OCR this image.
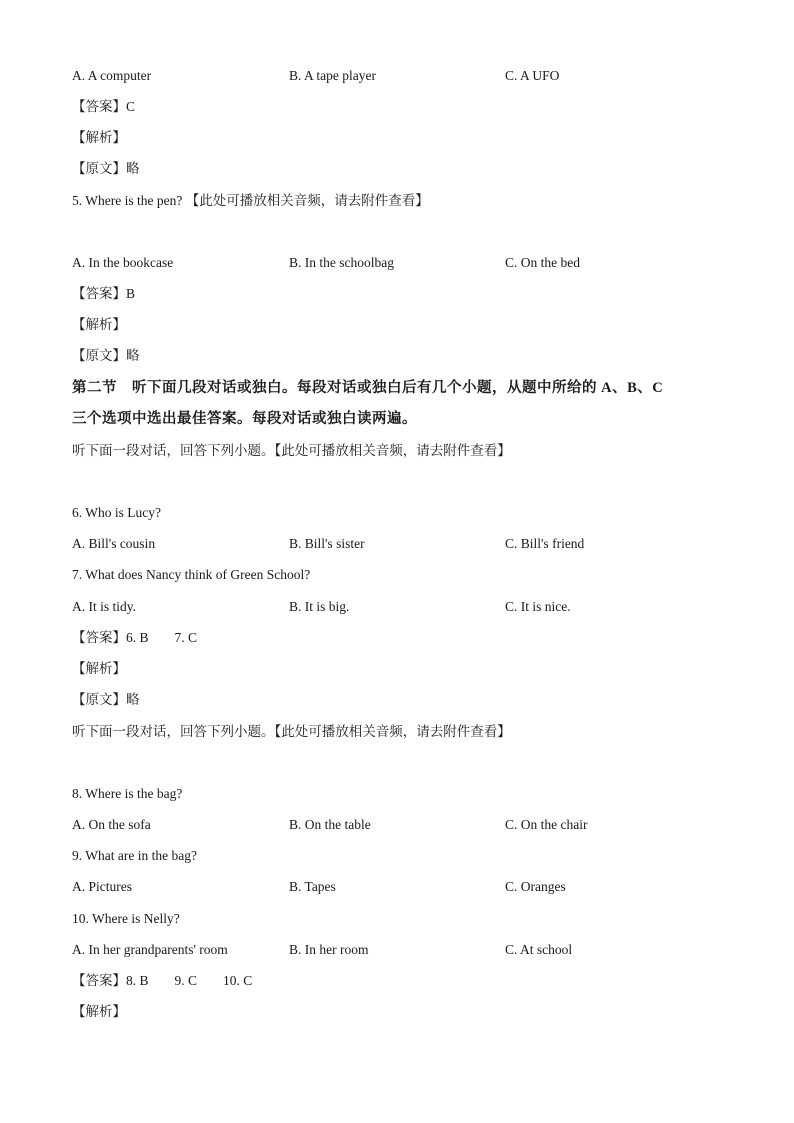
A. A computer	B. A tape player	C. A UFO
【答案】C
【解析】
【原文】略
5. Where is the pen? 【此处可播放相关音频，请去附件查看】
A. In the bookcase	B. In the schoolbag	C. On the bed
【答案】B
【解析】
【原文】略
第二节　听下面几段对话或独白。每段对话或独白后有几个小题，从题中所给的 A、B、C
三个选项中选出最佳答案。每段对话或独白读两遍。
听下面一段对话，回答下列小题。【此处可播放相关音频，请去附件查看】
6. Who is Lucy?
A. Bill's cousin	B. Bill's sister	C. Bill's friend
7. What does Nancy think of Green School?
A. It is tidy.	B. It is big.	C. It is nice.
【答案】6. B 7. C
【解析】
【原文】略
听下面一段对话，回答下列小题。【此处可播放相关音频，请去附件查看】
8. Where is the bag?
A. On the sofa	B. On the table	C. On the chair
9. What are in the bag?
A. Pictures	B. Tapes	C. Oranges
10. Where is Nelly?
A. In her grandparents' room	B. In her room	C. At school
【答案】8. B 9. C 10. C
【解析】
